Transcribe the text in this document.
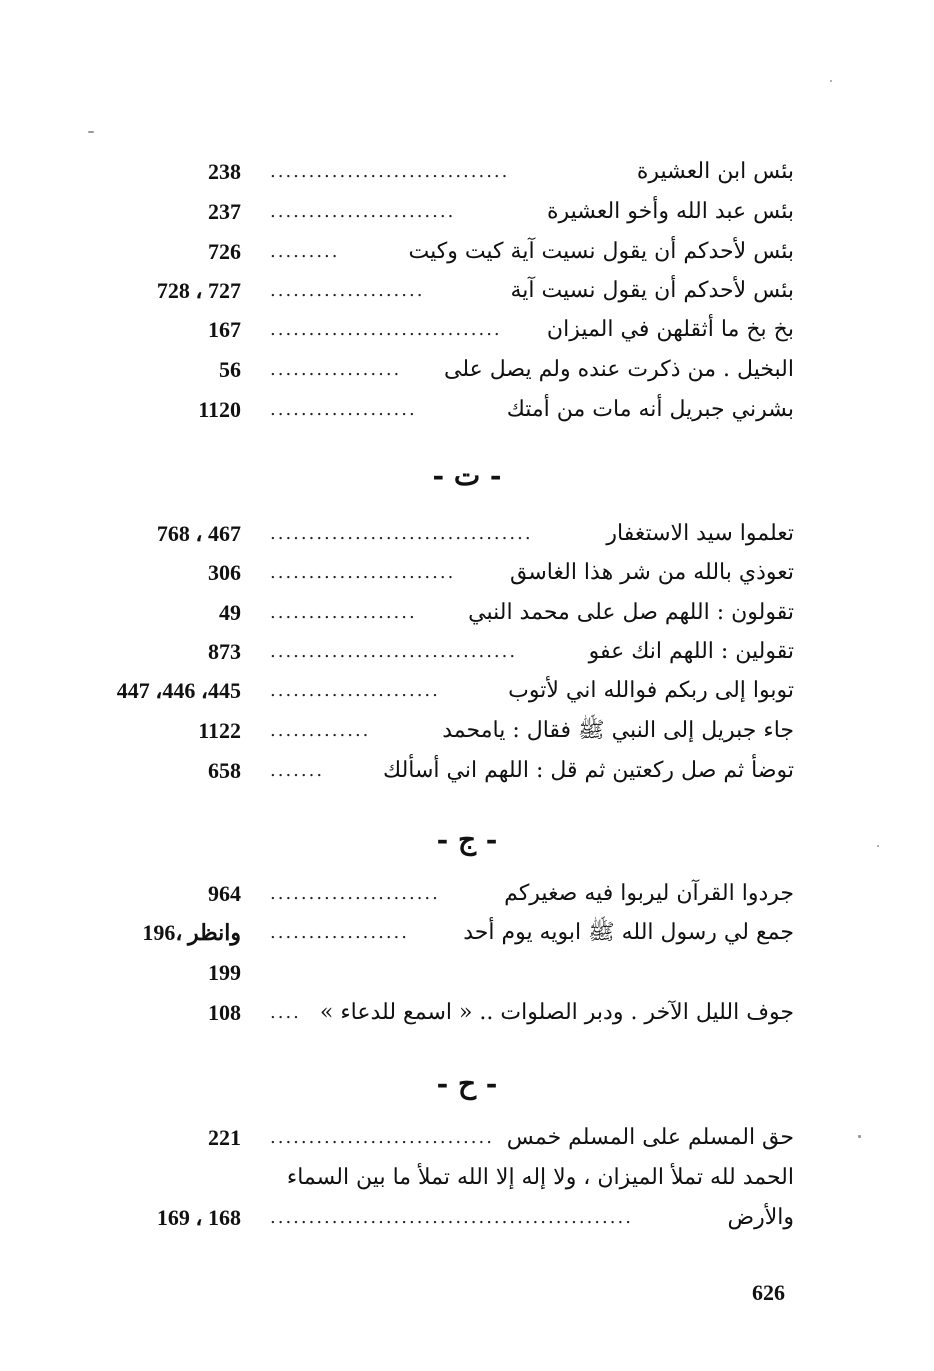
بئس ابن العشيرة
...............................
238
بئس عبد الله وأخو العشيرة
........................
237
بئس لأحدكم أن يقول نسيت آية كيت وكيت
.........
726
بئس لأحدكم أن يقول نسيت آية
....................
728 ، 727
بخ بخ ما أثقلهن في الميزان
..............................
167
البخيل . من ذكرت عنده ولم يصل على
.................
56
بشرني جبريل أنه مات من أمتك
...................
1120
- ت -
تعلموا سيد الاستغفار
..................................
768 ، 467
تعوذي بالله من شر هذا الغاسق
........................
306
تقولون : اللهم صل على محمد النبي
...................
49
تقولين : اللهم انك عفو
................................
873
توبوا إلى ربكم فوالله اني لأتوب
......................
447 ،446 ،445
جاء جبريل إلى النبي ﷺ فقال : يامحمد
.............
1122
توضأ ثم صل ركعتين ثم قل : اللهم اني أسألك
.......
658
- ج -
جردوا القرآن ليربوا فيه صغيركم
......................
964
جمع لي رسول الله ﷺ ابويه يوم أحد
..................
196، وانظر
199
جوف الليل الآخر . ودبر الصلوات .. « اسمع للدعاء »
....
108
- ح -
حق المسلم على المسلم خمس
.............................
221
الحمد لله تملأ الميزان ، ولا إله إلا الله تملأ ما بين السماء
والأرض
...............................................
169 ، 168
626
